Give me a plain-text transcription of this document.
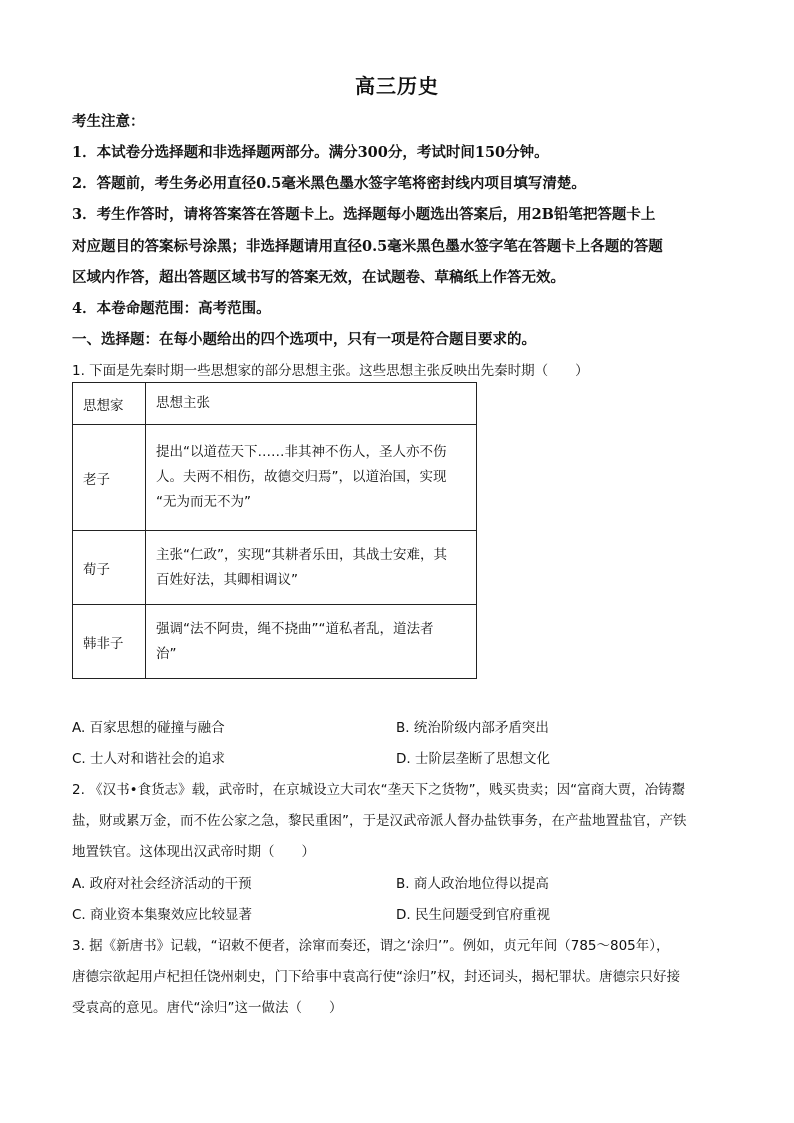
高三历史
考生注意：
1．本试卷分选择题和非选择题两部分。满分300分，考试时间150分钟。
2．答题前，考生务必用直径0.5毫米黑色墨水签字笔将密封线内项目填写清楚。
3．考生作答时，请将答案答在答题卡上。选择题每小题选出答案后，用2B铅笔把答题卡上
对应题目的答案标号涂黑；非选择题请用直径0.5毫米黑色墨水签字笔在答题卡上各题的答题
区域内作答，超出答题区域书写的答案无效，在试题卷、草稿纸上作答无效。
4．本卷命题范围：高考范围。
一、选择题：在每小题给出的四个选项中，只有一项是符合题目要求的。
1. 下面是先秦时期一些思想家的部分思想主张。这些思想主张反映出先秦时期（　　）
思想家	思想主张
老子	提出“以道莅天下……非其神不伤人，圣人亦不伤
人。夫两不相伤，故德交归焉”，以道治国，实现
“无为而无不为”

荀子	主张“仁政”，实现“其耕者乐田，其战士安难，其
百姓好法，其卿相调议”

韩非子	强调“法不阿贵，绳不挠曲”“道私者乱，道法者
治”
A. 百家思想的碰撞与融合	B. 统治阶级内部矛盾突出
C. 士人对和谐社会的追求	D. 士阶层垄断了思想文化
2. 《汉书•食货志》载，武帝时，在京城设立大司农“垄天下之货物”，贱买贵卖；因“富商大贾，冶铸鬻
盐，财或累万金，而不佐公家之急，黎民重困”，于是汉武帝派人督办盐铁事务，在产盐地置盐官，产铁
地置铁官。这体现出汉武帝时期（　　）
A. 政府对社会经济活动的干预	B. 商人政治地位得以提高
C. 商业资本集聚效应比较显著	D. 民生问题受到官府重视
3. 据《新唐书》记载，“诏敕不便者，涂窜而奏还，谓之‘涂归’”。例如，贞元年间（785～805年），
唐德宗欲起用卢杞担任饶州刺史，门下给事中袁高行使“涂归”权，封还词头，揭杞罪状。唐德宗只好接
受袁高的意见。唐代“涂归”这一做法（　　）
